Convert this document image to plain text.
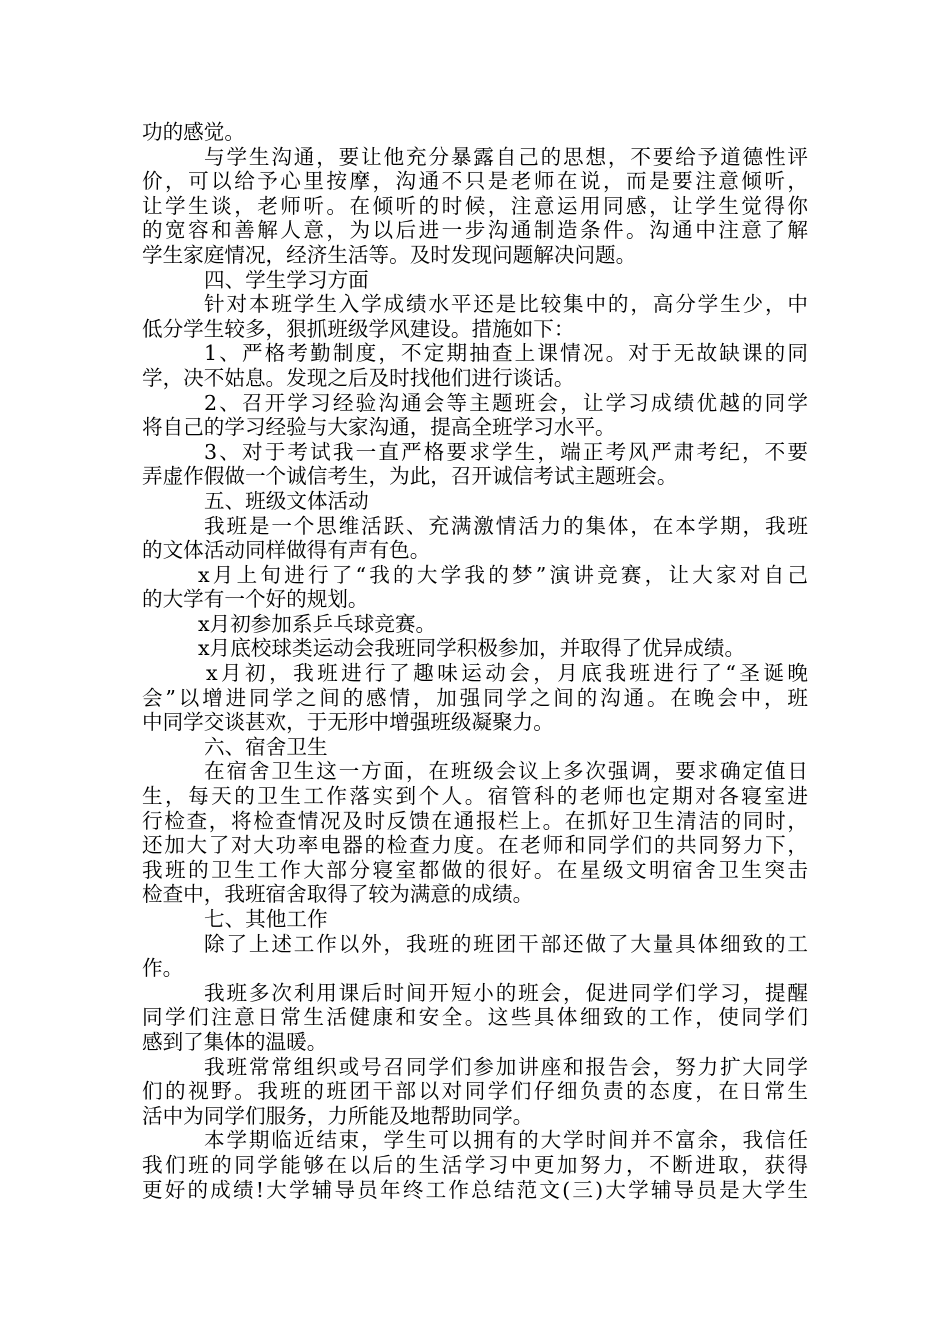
功的感觉。
与学生沟通，要让他充分暴露自己的思想，不要给予道德性评
价，可以给予心里按摩，沟通不只是老师在说，而是要注意倾听，
让学生谈，老师听。在倾听的时候，注意运用同感，让学生觉得你
的宽容和善解人意，为以后进一步沟通制造条件。沟通中注意了解
学生家庭情况，经济生活等。及时发现问题解决问题。
四、学生学习方面
针对本班学生入学成绩水平还是比较集中的，高分学生少，中
低分学生较多，狠抓班级学风建设。措施如下：
1、严格考勤制度，不定期抽查上课情况。对于无故缺课的同
学，决不姑息。发现之后及时找他们进行谈话。
2、召开学习经验沟通会等主题班会，让学习成绩优越的同学
将自己的学习经验与大家沟通，提高全班学习水平。
3、对于考试我一直严格要求学生，端正考风严肃考纪，不要
弄虚作假做一个诚信考生，为此，召开诚信考试主题班会。
五、班级文体活动
我班是一个思维活跃、充满激情活力的集体，在本学期，我班
的文体活动同样做得有声有色。
x月上旬进行了“我的大学我的梦”演讲竞赛，让大家对自己
的大学有一个好的规划。
x月初参加系乒乓球竞赛。
x月底校球类运动会我班同学积极参加，并取得了优异成绩。
x月初，我班进行了趣味运动会，月底我班进行了“圣诞晚
会”以增进同学之间的感情，加强同学之间的沟通。在晚会中，班
中同学交谈甚欢，于无形中增强班级凝聚力。
六、宿舍卫生
在宿舍卫生这一方面，在班级会议上多次强调，要求确定值日
生，每天的卫生工作落实到个人。宿管科的老师也定期对各寝室进
行检查，将检查情况及时反馈在通报栏上。在抓好卫生清洁的同时，
还加大了对大功率电器的检查力度。在老师和同学们的共同努力下，
我班的卫生工作大部分寝室都做的很好。在星级文明宿舍卫生突击
检查中，我班宿舍取得了较为满意的成绩。
七、其他工作
除了上述工作以外，我班的班团干部还做了大量具体细致的工
作。
我班多次利用课后时间开短小的班会，促进同学们学习，提醒
同学们注意日常生活健康和安全。这些具体细致的工作，使同学们
感到了集体的温暖。
我班常常组织或号召同学们参加讲座和报告会，努力扩大同学
们的视野。我班的班团干部以对同学们仔细负责的态度，在日常生
活中为同学们服务，力所能及地帮助同学。
本学期临近结束，学生可以拥有的大学时间并不富余，我信任
我们班的同学能够在以后的生活学习中更加努力，不断进取，获得
更好的成绩!大学辅导员年终工作总结范文(三)大学辅导员是大学生
